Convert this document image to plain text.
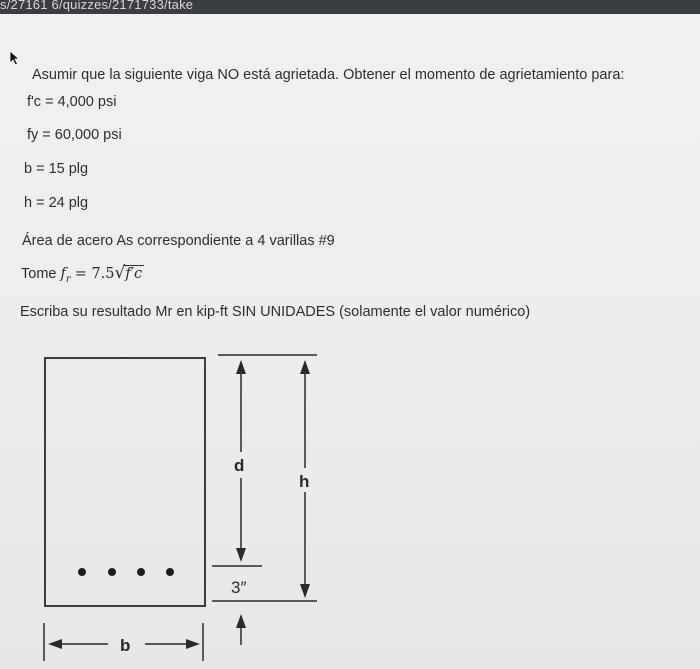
s/27161 6/quizzes/2171733/take
Asumir que la siguiente viga NO está agrietada. Obtener el momento de agrietamiento para:
f'c = 4,000 psi
fy = 60,000 psi
b = 15 plg
h = 24 plg
Área de acero As correspondiente a 4 varillas #9
Tome $f_r = 7.5√f'c$
Escriba su resultado Mr en kip-ft SIN UNIDADES (solamente el valor numérico)
d
h
b
3″
